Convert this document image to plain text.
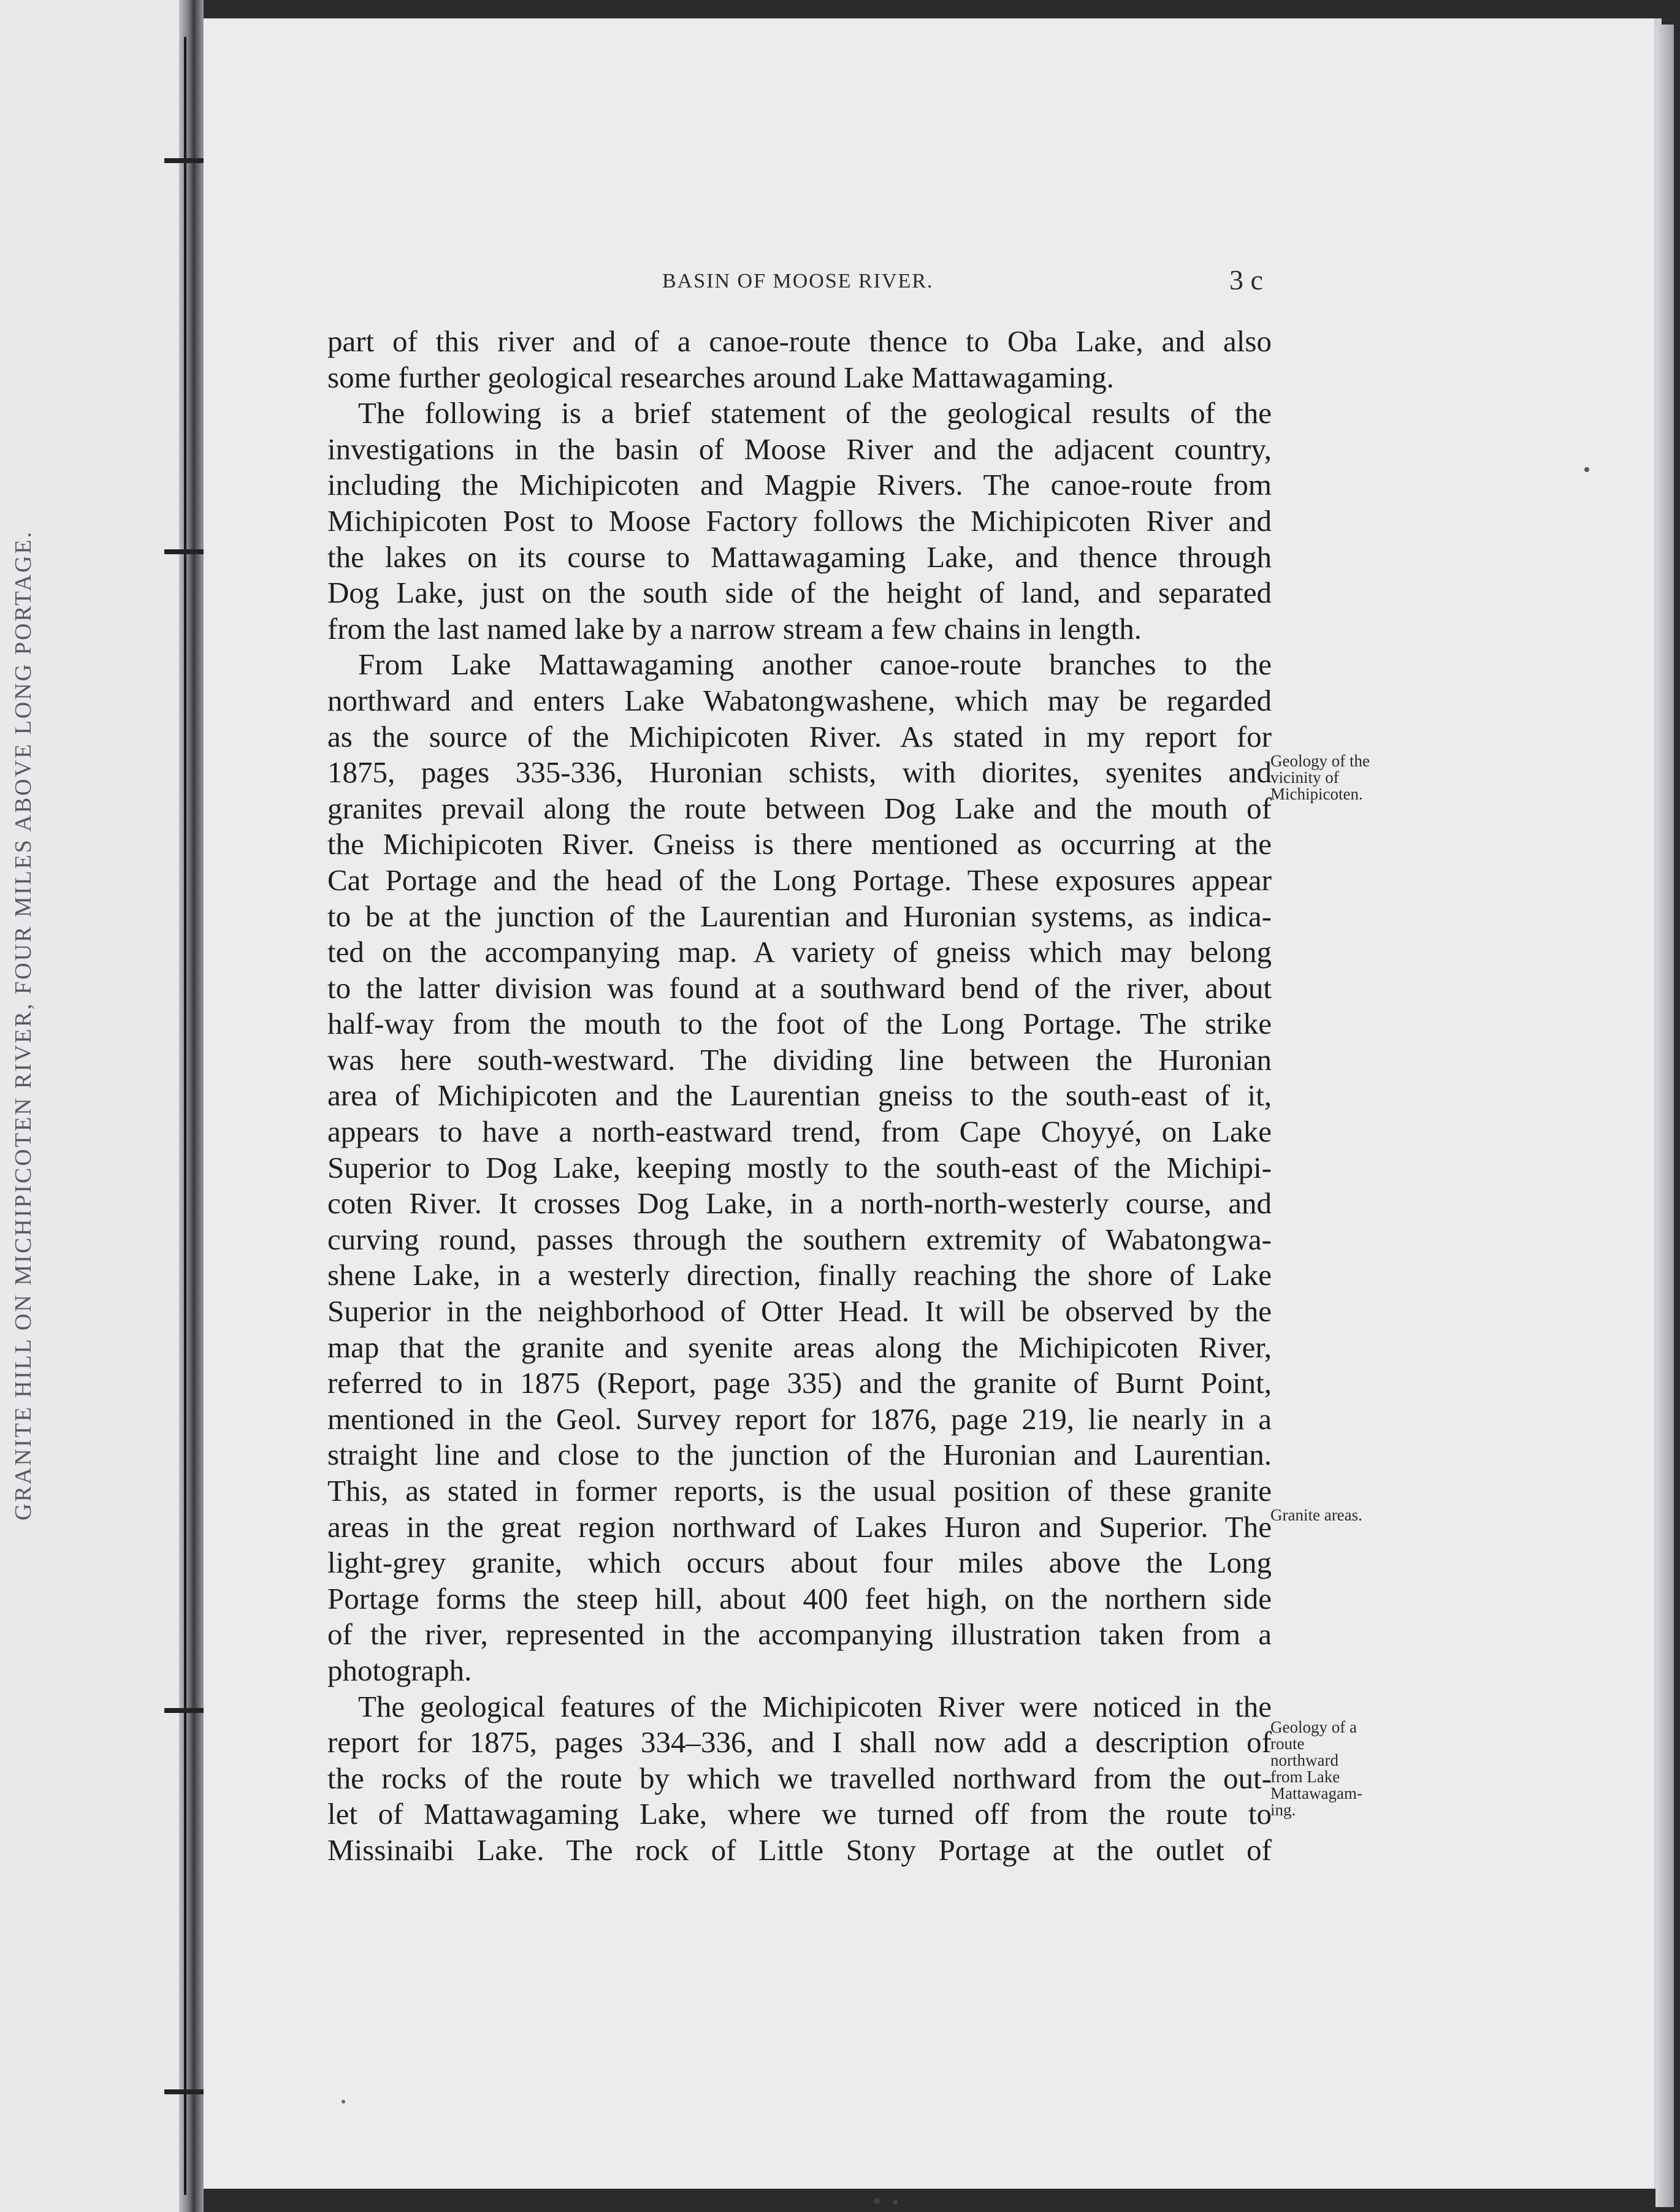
GRANITE HILL ON MICHIPICOTEN RIVER, FOUR MILES ABOVE LONG PORTAGE.
BASIN OF MOOSE RIVER.	3 c
part of this river and of a canoe-route thence to Oba Lake, and also
some further geological researches around Lake Mattawagaming.
The following is a brief statement of the geological results of the
investigations in the basin of Moose River and the adjacent country,
including the Michipicoten and Magpie Rivers. The canoe-route from
Michipicoten Post to Moose Factory follows the Michipicoten River and
the lakes on its course to Mattawagaming Lake, and thence through
Dog Lake, just on the south side of the height of land, and separated
from the last named lake by a narrow stream a few chains in length.
From Lake Mattawagaming another canoe-route branches to the
northward and enters Lake Wabatongwashene, which may be regarded
as the source of the Michipicoten River. As stated in my report for
1875, pages 335-336, Huronian schists, with diorites, syenites and
granites prevail along the route between Dog Lake and the mouth of
the Michipicoten River. Gneiss is there mentioned as occurring at the
Cat Portage and the head of the Long Portage. These exposures appear
to be at the junction of the Laurentian and Huronian systems, as indica-
ted on the accompanying map. A variety of gneiss which may belong
to the latter division was found at a southward bend of the river, about
half-way from the mouth to the foot of the Long Portage. The strike
was here south-westward. The dividing line between the Huronian
area of Michipicoten and the Laurentian gneiss to the south-east of it,
appears to have a north-eastward trend, from Cape Choyyé, on Lake
Superior to Dog Lake, keeping mostly to the south-east of the Michipi-
coten River. It crosses Dog Lake, in a north-north-westerly course, and
curving round, passes through the southern extremity of Wabatongwa-
shene Lake, in a westerly direction, finally reaching the shore of Lake
Superior in the neighborhood of Otter Head. It will be observed by the
map that the granite and syenite areas along the Michipicoten River,
referred to in 1875 (Report, page 335) and the granite of Burnt Point,
mentioned in the Geol. Survey report for 1876, page 219, lie nearly in a
straight line and close to the junction of the Huronian and Laurentian.
This, as stated in former reports, is the usual position of these granite
areas in the great region northward of Lakes Huron and Superior. The
light-grey granite, which occurs about four miles above the Long
Portage forms the steep hill, about 400 feet high, on the northern side
of the river, represented in the accompanying illustration taken from a
photograph.
The geological features of the Michipicoten River were noticed in the
report for 1875, pages 334–336, and I shall now add a description of
the rocks of the route by which we travelled northward from the out-
let of Mattawagaming Lake, where we turned off from the route to
Missinaibi Lake. The rock of Little Stony Portage at the outlet of
Geology of the
vicinity of
Michipicoten.
Granite areas.
Geology of a
route
northward
from Lake
Mattawagam-
ing.
